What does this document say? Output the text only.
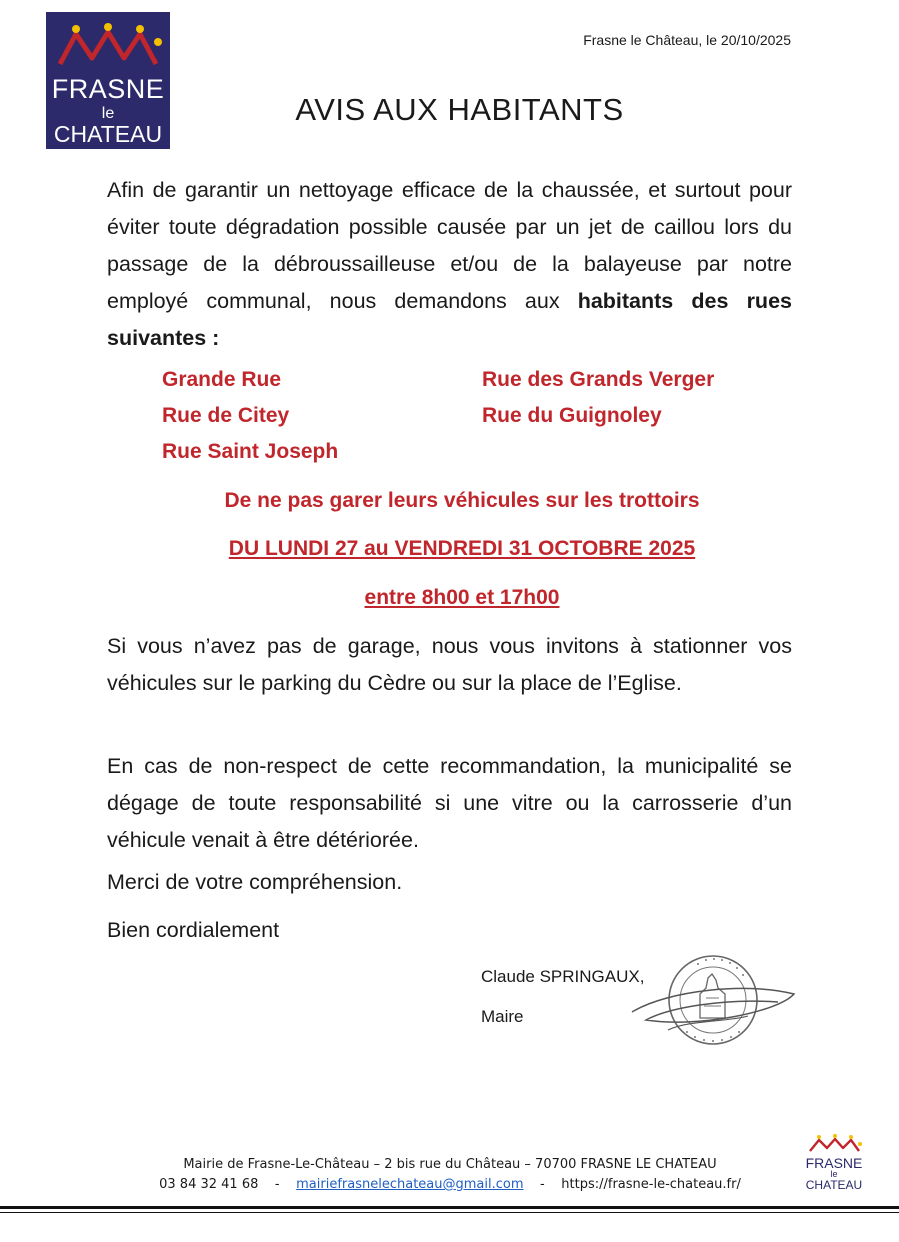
FRASNE
le
CHATEAU
Frasne le Château, le 20/10/2025
AVIS AUX HABITANTS
Afin de garantir un nettoyage efficace de la chaussée, et surtout pour éviter toute dégradation possible causée par un jet de caillou lors du passage de la débroussailleuse et/ou de la balayeuse par notre employé communal, nous demandons aux habitants des rues suivantes :
Grande Rue	Rue des Grands Verger
Rue de Citey	Rue du Guignoley
Rue Saint Joseph
De ne pas garer leurs véhicules sur les trottoirs
DU LUNDI 27 au VENDREDI 31 OCTOBRE 2025
entre 8h00 et 17h00
Si vous n’avez pas de garage, nous vous invitons à stationner vos véhicules sur le parking du Cèdre ou sur la place de l’Eglise.
En cas de non-respect de cette recommandation, la municipalité se dégage de toute responsabilité si une vitre ou la carrosserie d’un véhicule venait à être détériorée.
Merci de votre compréhension.
Bien cordialement
Claude SPRINGAUX,
Maire
Mairie de Frasne-Le-Château – 2 bis rue du Château – 70700 FRASNE LE CHATEAU
03 84 32 41 68 - mairiefrasnelechateau@gmail.com - https://frasne-le-chateau.fr/
FRASNE
le
CHATEAU
